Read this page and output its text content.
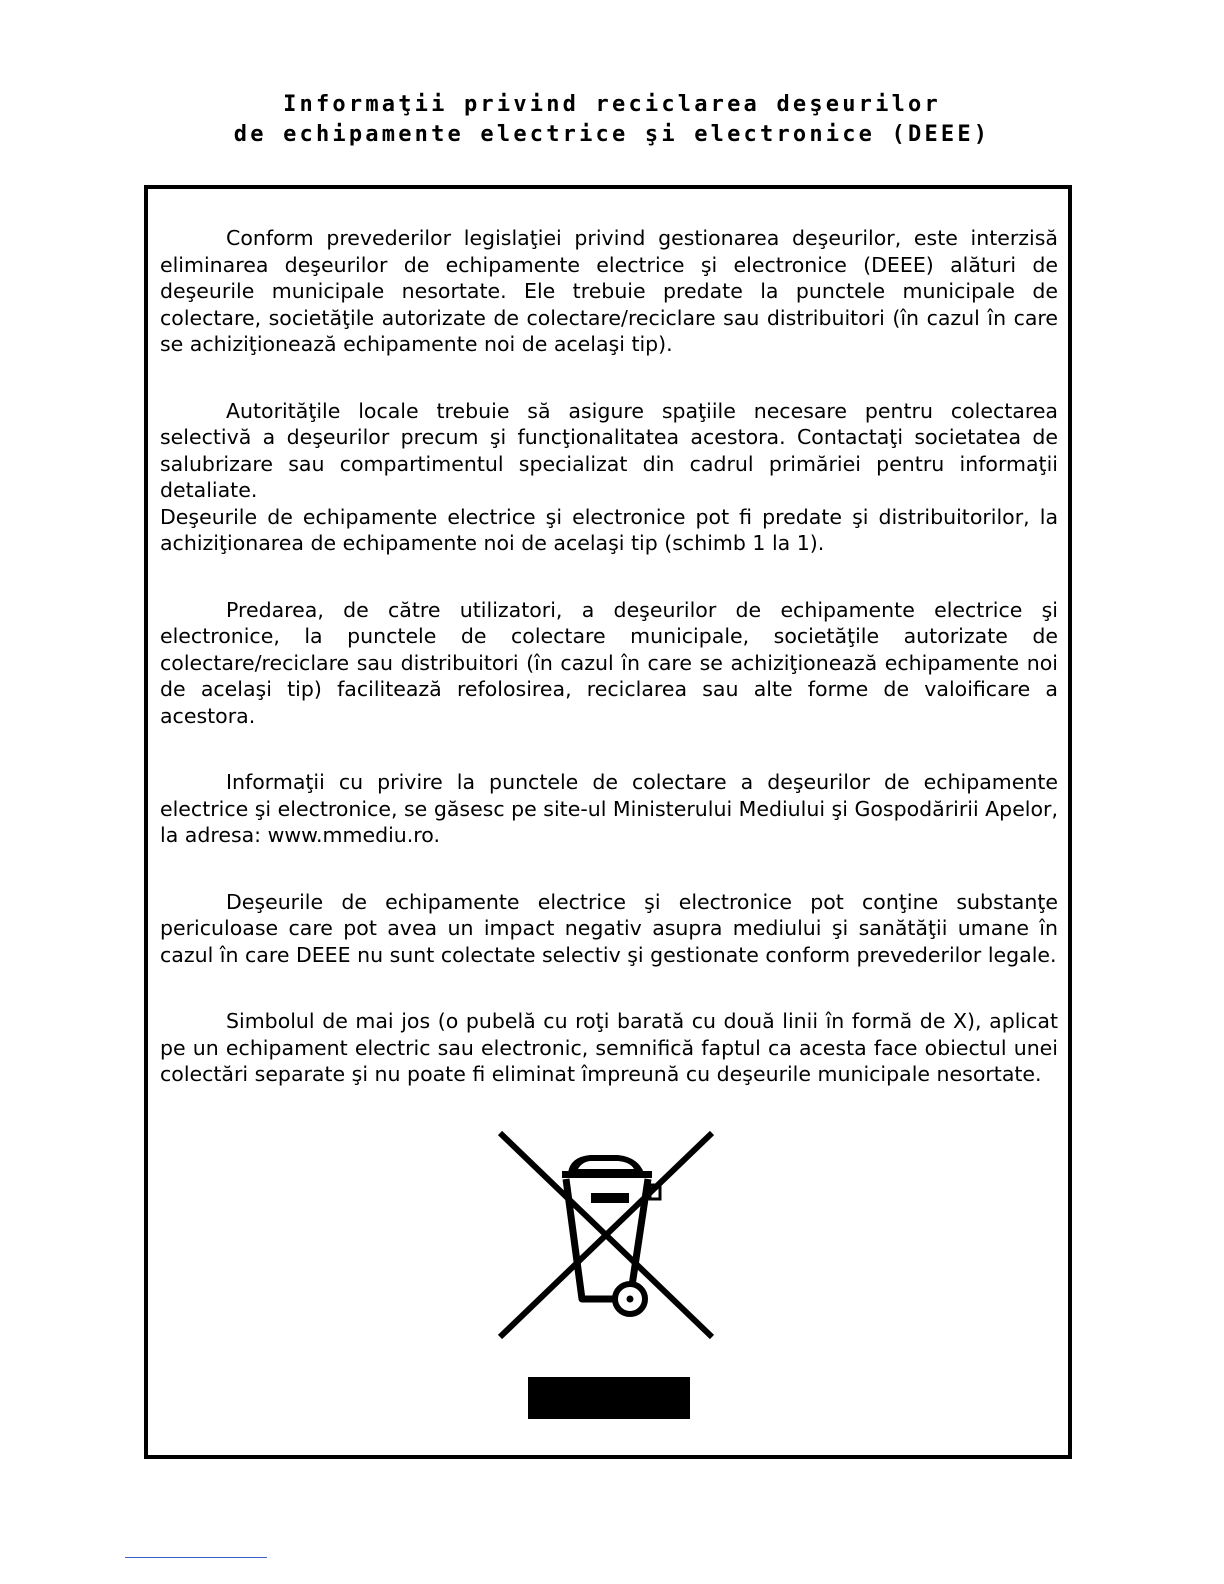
Informaţii privind reciclarea deşeurilor
de echipamente electrice şi electronice (DEEE)

Conform prevederilor legislaţiei privind gestionarea deşeurilor, este interzisă eliminarea deşeurilor de echipamente electrice şi electronice (DEEE) alături de deşeurile municipale nesortate. Ele trebuie predate la punctele municipale de colectare, societăţile autorizate de colectare/reciclare sau distribuitori (în cazul în care se achiziţionează echipamente noi de acelaşi tip).

Autorităţile locale trebuie să asigure spaţiile necesare pentru colectarea selectivă a deşeurilor precum şi funcţionalitatea acestora. Contactaţi societatea de salubrizare sau compartimentul specializat din cadrul primăriei pentru informaţii detaliate.

Deşeurile de echipamente electrice şi electronice pot fi predate şi distribuitorilor, la achiziţionarea de echipamente noi de acelaşi tip (schimb 1 la 1).

Predarea, de către utilizatori, a deşeurilor de echipamente electrice şi electronice, la punctele de colectare municipale, societăţile autorizate de colectare/reciclare sau distribuitori (în cazul în care se achiziţionează echipamente noi de acelaşi tip) facilitează refolosirea, reciclarea sau alte forme de valoificare a acestora.

Informaţii cu privire la punctele de colectare a deşeurilor de echipamente electrice şi electronice, se găsesc pe site-ul Ministerului Mediului şi Gospodăririi Apelor, la adresa: www.mmediu.ro.

Deşeurile de echipamente electrice şi electronice pot conţine substanţe periculoase care pot avea un impact negativ asupra mediului şi sanătăţii umane în cazul în care DEEE nu sunt colectate selectiv şi gestionate conform prevederilor legale.

Simbolul de mai jos (o pubelă cu roţi barată cu două linii în formă de X), aplicat pe un echipament electric sau electronic, semnifică faptul ca acesta face obiectul unei colectări separate şi nu poate fi eliminat împreună cu deşeurile municipale nesortate.
